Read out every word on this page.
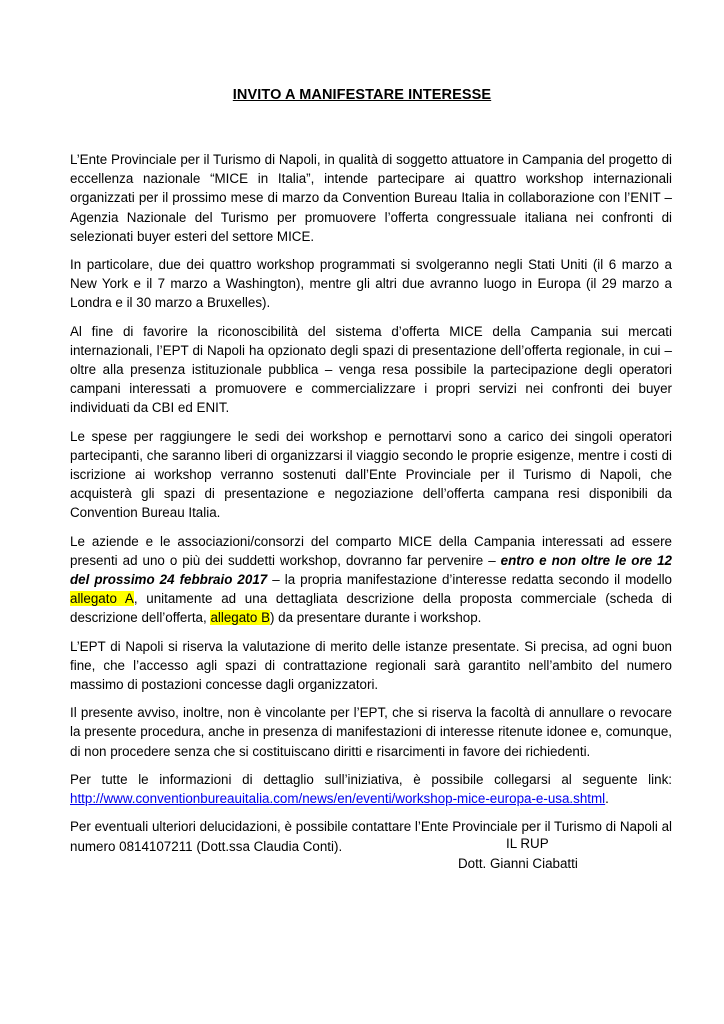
INVITO A MANIFESTARE INTERESSE

L’Ente Provinciale per il Turismo di Napoli, in qualità di soggetto attuatore in Campania del progetto di eccellenza nazionale “MICE in Italia”, intende partecipare ai quattro workshop internazionali organizzati per il prossimo mese di marzo da Convention Bureau Italia in collaborazione con l’ENIT – Agenzia Nazionale del Turismo per promuovere l’offerta congressuale italiana nei confronti di selezionati buyer esteri del settore MICE.

In particolare, due dei quattro workshop programmati si svolgeranno negli Stati Uniti (il 6 marzo a New York e il 7 marzo a Washington), mentre gli altri due avranno luogo in Europa (il 29 marzo a Londra e il 30 marzo a Bruxelles).

Al fine di favorire la riconoscibilità del sistema d’offerta MICE della Campania sui mercati internazionali, l’EPT di Napoli ha opzionato degli spazi di presentazione dell’offerta regionale, in cui – oltre alla presenza istituzionale pubblica – venga resa possibile la partecipazione degli operatori campani interessati a promuovere e commercializzare i propri servizi nei confronti dei buyer individuati da CBI ed ENIT.

Le spese per raggiungere le sedi dei workshop e pernottarvi sono a carico dei singoli operatori partecipanti, che saranno liberi di organizzarsi il viaggio secondo le proprie esigenze, mentre i costi di iscrizione ai workshop verranno sostenuti dall’Ente Provinciale per il Turismo di Napoli, che acquisterà gli spazi di presentazione e negoziazione dell’offerta campana resi disponibili da Convention Bureau Italia.

Le aziende e le associazioni/consorzi del comparto MICE della Campania interessati ad essere presenti ad uno o più dei suddetti workshop, dovranno far pervenire – entro e non oltre le ore 12 del prossimo 24 febbraio 2017 – la propria manifestazione d’interesse redatta secondo il modello allegato A, unitamente ad una dettagliata descrizione della proposta commerciale (scheda di descrizione dell’offerta, allegato B) da presentare durante i workshop.

L’EPT di Napoli si riserva la valutazione di merito delle istanze presentate. Si precisa, ad ogni buon fine, che l’accesso agli spazi di contrattazione regionali sarà garantito nell’ambito del numero massimo di postazioni concesse dagli organizzatori.

Il presente avviso, inoltre, non è vincolante per l’EPT, che si riserva la facoltà di annullare o revocare la presente procedura, anche in presenza di manifestazioni di interesse ritenute idonee e, comunque, di non procedere senza che si costituiscano diritti e risarcimenti in favore dei richiedenti.

Per tutte le informazioni di dettaglio sull’iniziativa, è possibile collegarsi al seguente link: http://www.conventionbureauitalia.com/news/en/eventi/workshop-mice-europa-e-usa.shtml.

Per eventuali ulteriori delucidazioni, è possibile contattare l’Ente Provinciale per il Turismo di Napoli al numero 0814107211 (Dott.ssa Claudia Conti).	IL RUP
Dott. Gianni Ciabatti
